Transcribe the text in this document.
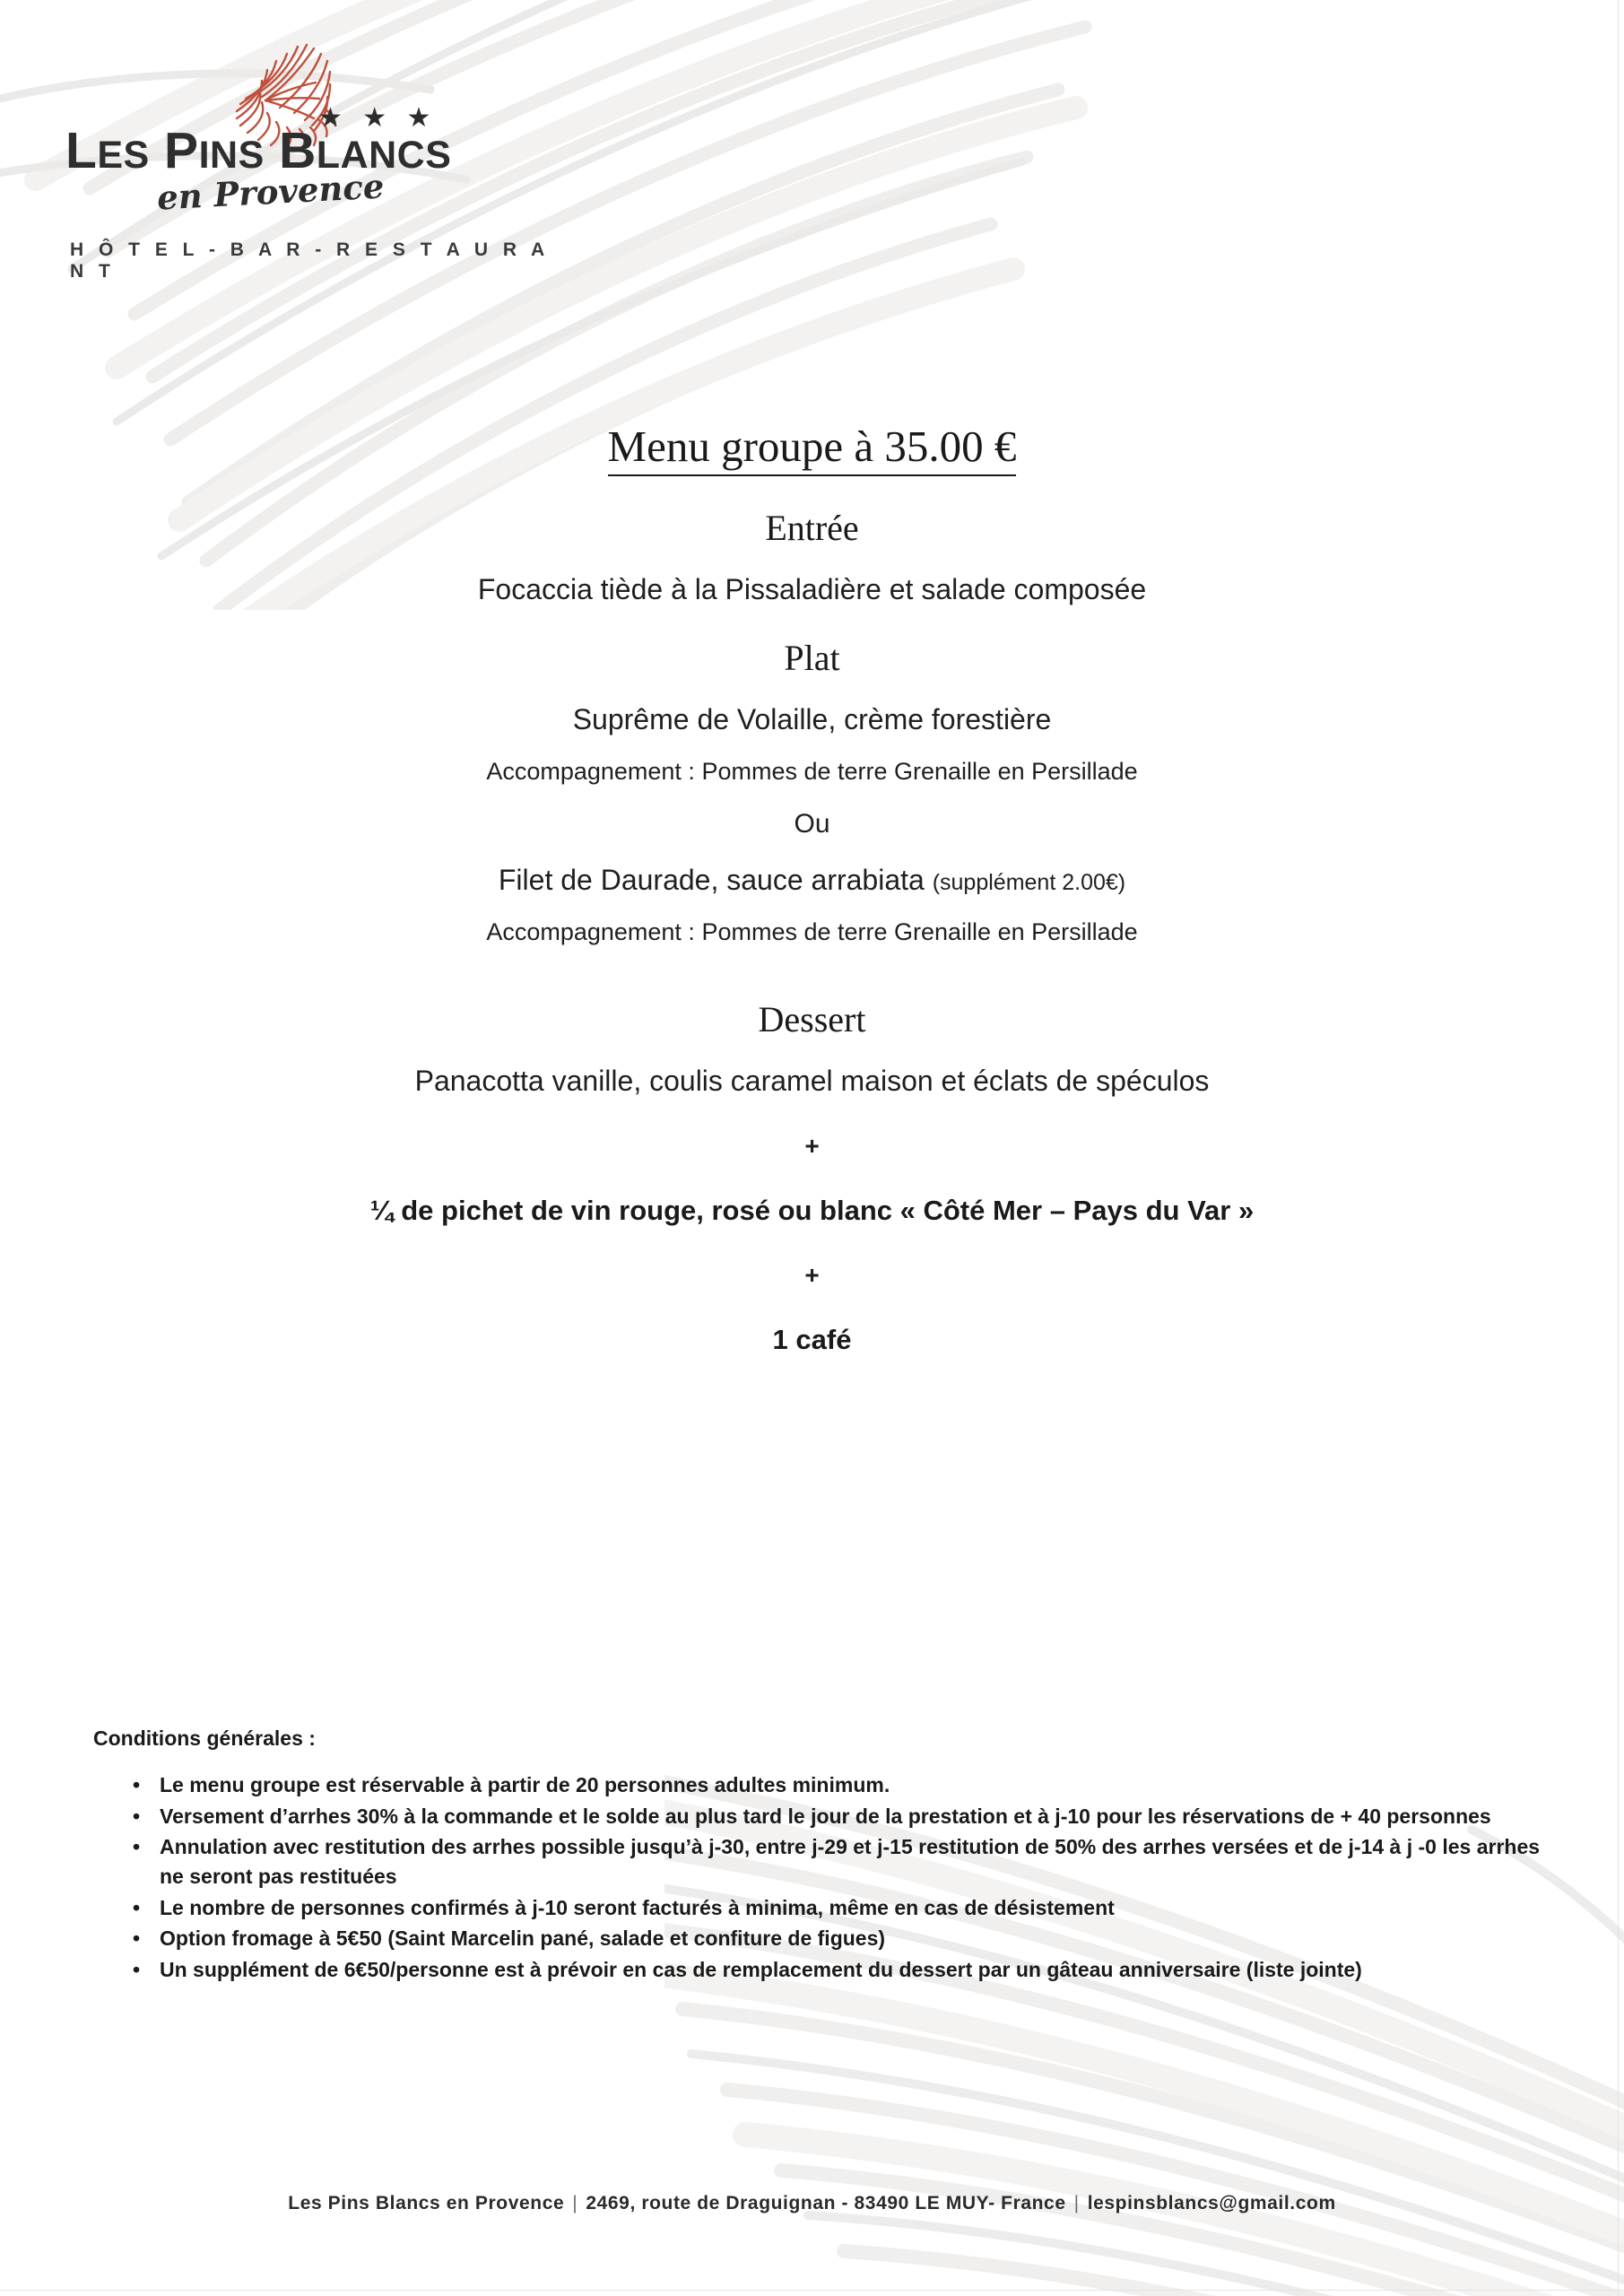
★ ★ ★
LES PINS BLANCS
en Provence
H Ô T E L - B A R - R E S T A U R A N T
Menu groupe à 35.00 €
Entrée
Focaccia tiède à la Pissaladière et salade composée
Plat
Suprême de Volaille, crème forestière
Accompagnement : Pommes de terre Grenaille en Persillade
Ou
Filet de Daurade, sauce arrabiata (supplément 2.00€)
Accompagnement : Pommes de terre Grenaille en Persillade
Dessert
Panacotta vanille, coulis caramel maison et éclats de spéculos
+
¼ de pichet de vin rouge, rosé ou blanc « Côté Mer – Pays du Var »
+
1 café
Conditions générales :
• Le menu groupe est réservable à partir de 20 personnes adultes minimum.
• Versement d’arrhes 30% à la commande et le solde au plus tard le jour de la prestation et à j-10 pour les réservations de + 40 personnes
• Annulation avec restitution des arrhes possible jusqu’à j-30, entre j-29 et j-15 restitution de 50% des arrhes versées et de j-14 à j -0 les arrhes ne seront pas restituées
• Le nombre de personnes confirmés à j-10 seront facturés à minima, même en cas de désistement
• Option fromage à 5€50 (Saint Marcelin pané, salade et confiture de figues)
• Un supplément de 6€50/personne est à prévoir en cas de remplacement du dessert par un gâteau anniversaire (liste jointe)
Les Pins Blancs en Provence | 2469, route de Draguignan - 83490 LE MUY- France | lespinsblancs@gmail.com
